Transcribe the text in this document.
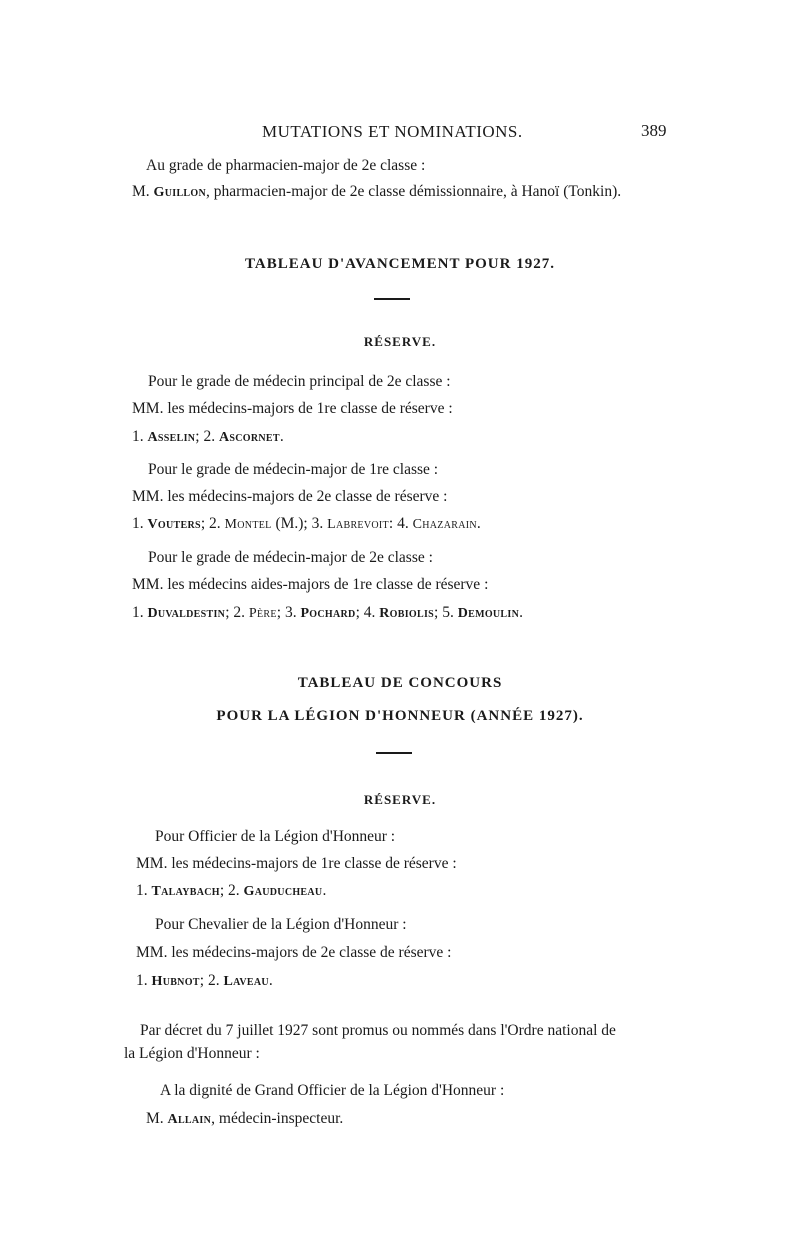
MUTATIONS ET NOMINATIONS.	389
Au grade de pharmacien-major de 2e classe :
M. Guillon, pharmacien-major de 2e classe démissionnaire, à Hanoï (Tonkin).
TABLEAU D'AVANCEMENT POUR 1927.
RÉSERVE.
Pour le grade de médecin principal de 2e classe :
MM. les médecins-majors de 1re classe de réserve :
1. Asselin; 2. Ascornet.
Pour le grade de médecin-major de 1re classe :
MM. les médecins-majors de 2e classe de réserve :
1. Vouters; 2. Montel (M.); 3. Labrevoit: 4. Chazarain.
Pour le grade de médecin-major de 2e classe :
MM. les médecins aides-majors de 1re classe de réserve :
1. Duvaldestin; 2. Père; 3. Pochard; 4. Robiolis; 5. Demoulin.
TABLEAU DE CONCOURS
POUR LA LÉGION D'HONNEUR (ANNÉE 1927).
RÉSERVE.
Pour Officier de la Légion d'Honneur :
MM. les médecins-majors de 1re classe de réserve :
1. Talaybach; 2. Gauducheau.
Pour Chevalier de la Légion d'Honneur :
MM. les médecins-majors de 2e classe de réserve :
1. Hubnot; 2. Laveau.
Par décret du 7 juillet 1927 sont promus ou nommés dans l'Ordre national de
la Légion d'Honneur :
A la dignité de Grand Officier de la Légion d'Honneur :
M. Allain, médecin-inspecteur.
